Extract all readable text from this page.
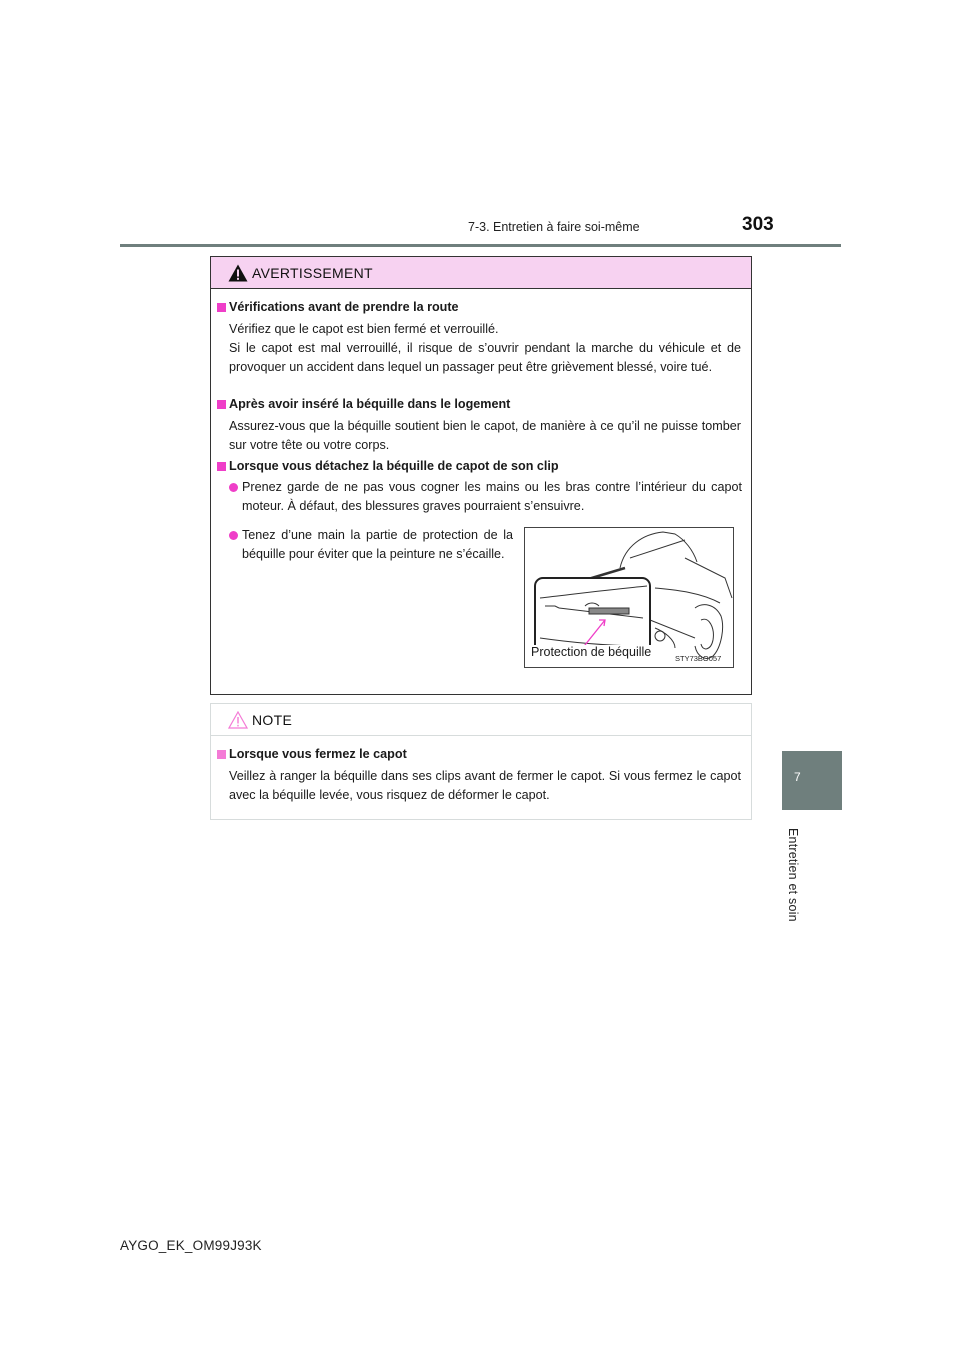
7-3. Entretien à faire soi-même	303
7
Entretien et soin
AVERTISSEMENT
Vérifications avant de prendre la route
Vérifiez que le capot est bien fermé et verrouillé.
Si le capot est mal verrouillé, il risque de s’ouvrir pendant la marche du véhicule et de provoquer un accident dans lequel un passager peut être grièvement blessé, voire tué.
Après avoir inséré la béquille dans le logement
Assurez-vous que la béquille soutient bien le capot, de manière à ce qu’il ne puisse tomber sur votre tête ou votre corps.
Lorsque vous détachez la béquille de capot de son clip
Prenez garde de ne pas vous cogner les mains ou les bras contre l’intérieur du capot moteur. À défaut, des blessures graves pourraient s’ensuivre.
Tenez d’une main la partie de protection de la béquille pour éviter que la peinture ne s’écaille.
Protection de béquille	STY73BO057
NOTE
Lorsque vous fermez le capot
Veillez à ranger la béquille dans ses clips avant de fermer le capot. Si vous fermez le capot avec la béquille levée, vous risquez de déformer le capot.
AYGO_EK_OM99J93K
